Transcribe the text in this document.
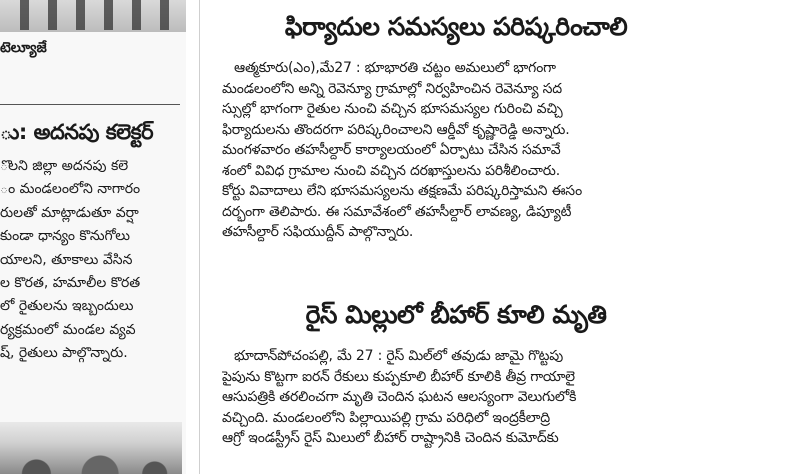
టెల్యూజే
ు: అదనపు కలెక్టర్
ొలని జిల్లా అదనపు కలె
ం మండలంలోని నాగారం
రులతో మాట్లాడుతూ వర్షా
కుండా ధాన్యం కొనుగోలు
యాలని, తూకాలు వేసిన
ల కొరత, హమాలీల కొరత
లో రైతులను ఇబ్బందులు
ర్యక్రమంలో మండల వ్యవ
ష్, రైతులు పాల్గొన్నారు.
ఫిర్యాదుల సమస్యలు పరిష్కరించాలి
ఆత్మకూరు(ఎం),మే27 : భూభారతి చట్టం అమలులో భాగంగా
మండలంలోని అన్ని రెవెన్యూ గ్రామాల్లో నిర్వహించిన రెవెన్యూ సద
స్సుల్లో భాగంగా రైతుల నుంచి వచ్చిన భూసమస్యల గురించి వచ్చి
ఫిర్యాదులను తొందరగా పరిష్కరించాలని ఆర్డీవో కృష్ణారెడ్డి అన్నారు.
మంగళవారం తహసీల్దార్ కార్యాలయంలో ఏర్పాటు చేసిన సమావే
శంలో వివిధ గ్రామాల నుంచి వచ్చిన దరఖాస్తులను పరిశీలించారు.
కోర్టు వివాదాలు లేని భూసమస్యలను తక్షణమే పరిష్కరిస్తామని ఈసం
దర్భంగా తెలిపారు. ఈ సమావేశంలో తహసీల్దార్ లావణ్య, డిప్యూటీ
తహసీల్దార్ సఫియుద్దీన్ పాల్గొన్నారు.
రైస్ మిల్లులో బీహార్ కూలి మృతి
భూదాన్‌పోచంపల్లి, మే 27 : రైస్ మిల్‌లో తవుడు జామై గొట్టపు
పైపును కొట్టగా ఐరన్ రేకులు కుప్పకూలి బీహార్ కూలికి తీవ్ర గాయాలై
ఆసుపత్రికి తరలించగా మృతి చెందిన ఘటన ఆలస్యంగా వెలుగులోకి
వచ్చింది. మండలంలోని పిల్లాయిపల్లి గ్రామ పరిధిలో ఇంద్రకీలాద్రి
ఆగ్రో ఇండస్ట్రీస్ రైస్ మిలులో బీహార్ రాష్ట్రానికి చెందిన కుమోద్‌కు
